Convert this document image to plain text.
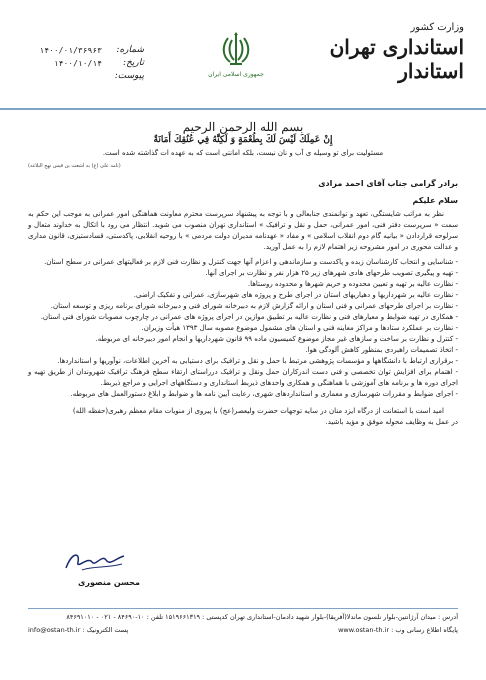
وزارت کشور
استانداری تهران
استاندار
جمهوری اسلامی ایران
شماره:
۱۴۰۰/۰۱/۳۶۹۶۳
تاریخ:
۱۴۰۰/۱۰/۱۴
پیوست:
بسم الله الرحمن الرحیم
إِنْ عَمِلَكَ لَيْسَ لَكَ بِطُعْمَةٍ وَ لَكِنَّهُ فِي عُنُقِكَ أَمَانَةٌ
مسئولیت برای تو وسیله ی آب و نان نیست، بلکه امانتی است که به عهده ات گذاشته شده است.
(نامه علی (ع) به اشعث بن قیس نهج البلاغه)
برادر گرامی جناب آقای احمد مرادی
سلام علیکم
نظر به مراتب شایستگی، تعهد و توانمندی جنابعالی و با توجه به پیشنهاد سرپرست محترم معاونت هماهنگی امور عمرانی به موجب این حکم به سمت « سرپرست دفتر فنی، امور عمرانی، حمل و نقل و ترافیک » استانداری تهران منصوب می شوید. انتظار می رود با اتکال به خداوند متعال و سرلوحه قراردادن « بیانیه گام دوم انقلاب اسلامی » و مفاد « عهدنامه مدیران دولت مردمی » با روحیه انقلابی، پاکدستی، قسادستیزی، قانون مداری و عدالت محوری در امور مشروحه زیر اهتمام لازم را به عمل آورید.
- شناسایی و انتخاب کارشناسان زبده و پاکدست و سازماندهی و اعزام آنها جهت کنترل و نظارت فنی لازم بر فعالیتهای عمرانی در سطح استان.
- تهیه و پیگیری تصویب طرحهای هادی شهرهای زیر ۲۵ هزار نفر و نظارت بر اجرای آنها.
- نظارت عالیه بر تهیه و تعیین محدوده و حریم شهرها و محدوده روستاها.
- نظارت عالیه بر شهرداریها و دهیاریهای استان در اجرای طرح و پروژه های شهرسازی، عمرانی و تفکیک اراضی.
- نظارت بر اجرای طرحهای عمرانی و فنی استان و ارائه گزارش لازم به دبیرخانه شورای فنی و دبیرخانه شورای برنامه ریزی و توسعه استان.
- همکاری در تهیه ضوابط و معیارهای فنی و نظارت عالیه بر تطبیق موازین در اجرای پروژه های عمرانی در چارچوب مصوبات شورای فنی استان.
- نظارت بر عملکرد ستادها و مراکز معاینه فنی و استان های مشمول موضوع مصوبه سال ۱۳۹۳ هیأت وزیران.
- کنترل و نظارت بر ساخت و سازهای غیر مجاز موضوع کمیسیون ماده ۹۹ قانون شهرداریها و انجام امور دبیرخانه ای مربوطه.
- اتخاذ تصمیمات راهبردی بمنظور کاهش آلودگی هوا.
- برقراری ارتباط با دانشگاهها و مؤسسات پژوهشی مرتبط با حمل و نقل و ترافیک برای دستیابی به آخرین اطلاعات، نوآوریها و استانداردها.
- اهتمام برای افزایش توان تخصصی و فنی دست اندرکاران حمل ونقل و ترافیک درراستای ارتقاء سطح فرهنگ ترافیک شهروندان از طریق تهیه و اجرای دوره ها و برنامه های آموزشی با هماهنگی و همکاری واحدهای ذیربط استانداری و دستگاههای اجرایی و مراجع ذیربط.
- اجرای ضوابط و مقررات شهرسازی و معماری و استانداردهای شهری، رعایت آیین نامه ها و ضوابط و ابلاغ دستورالعمل های مربوطه.
امید است با استعانت از درگاه ایزد منان در سایه توجهات حضرت ولیعصر(عج) با پیروی از منویات مقام معظم رهبری(حفظه الله)
در عمل به وظایف محوله موفق و مؤید باشید.
محسن منصوری
آدرس : میدان آرژانتین-بلوار نلسون ماندلا(آفریقا)-بلوار شهید دادمان-استانداری تهران کدپستی : ۱۵۱۹۶۶۱۳۱۹ تلفن : ۱۰-۸۴۶۹۰ - ۰۲۱ - ۸۴۶۹۱۰۱۰
پایگاه اطلاع رسانی وب : www.ostan-th.ir
پست الکترونیک : info@ostan-th.ir
